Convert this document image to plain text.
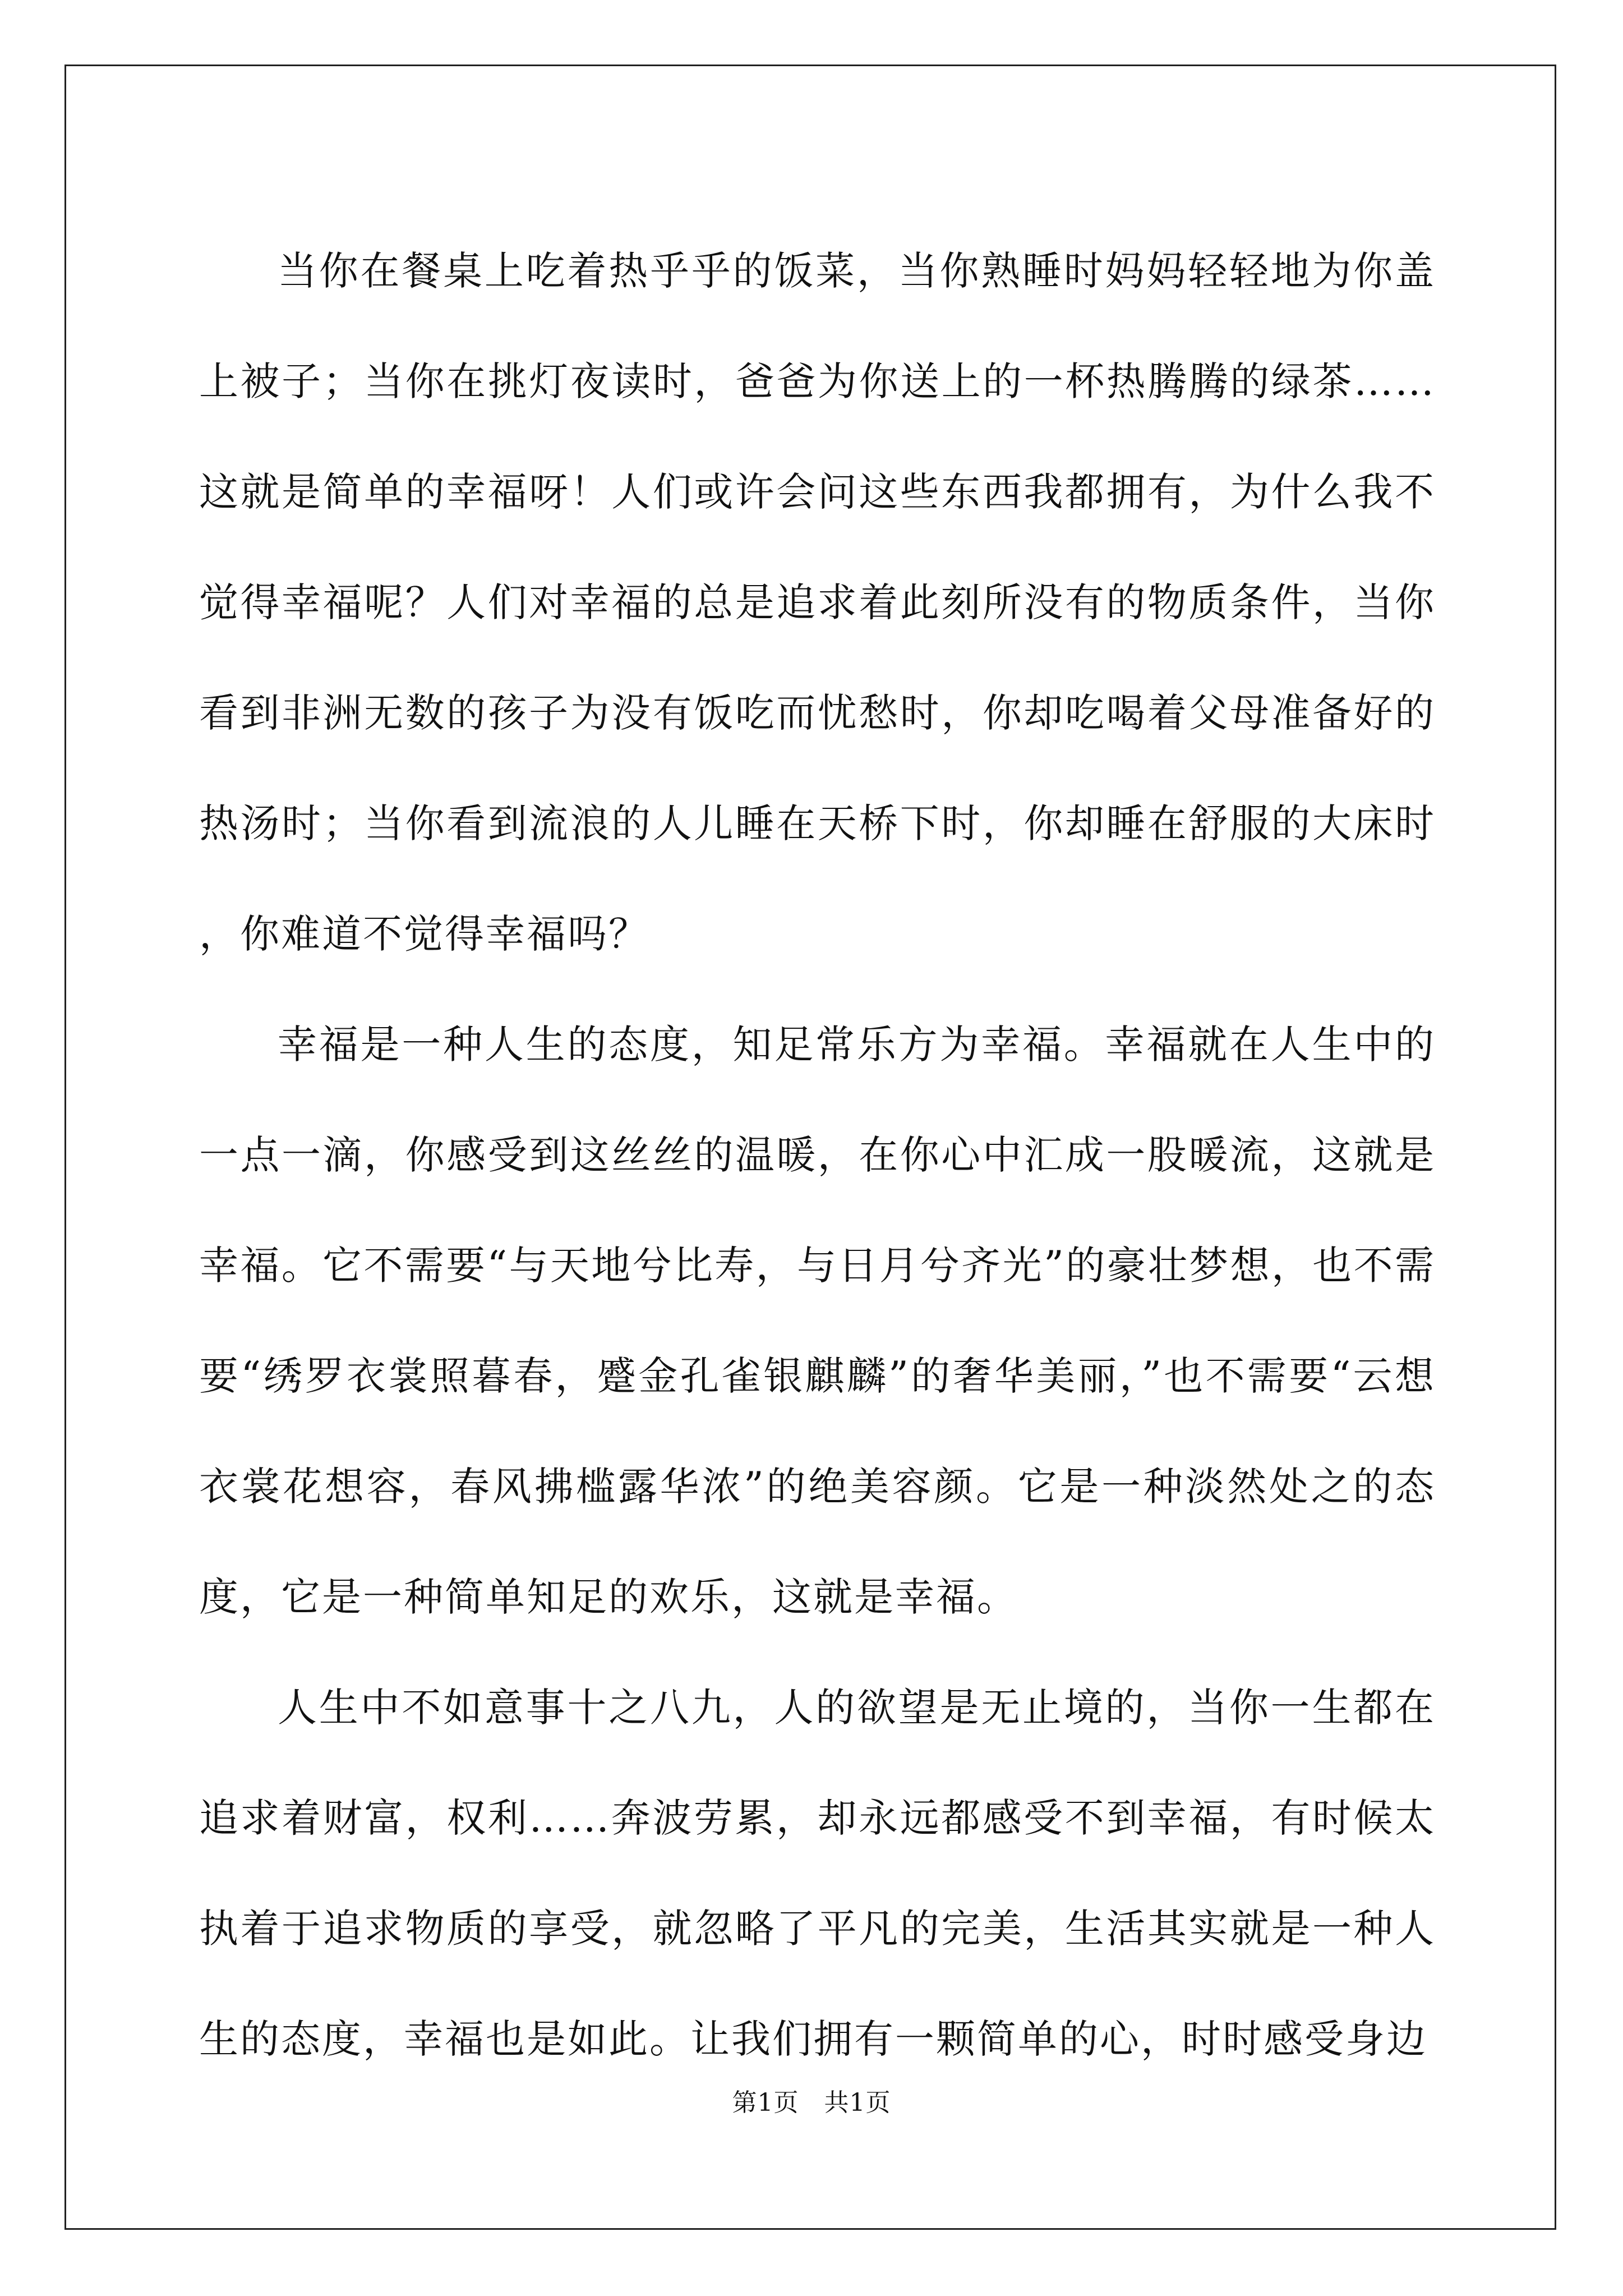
当你在餐桌上吃着热乎乎的饭菜，当你熟睡时妈妈轻轻地为你盖上被子；当你在挑灯夜读时，爸爸为你送上的一杯热腾腾的绿茶……这就是简单的幸福呀！人们或许会问这些东西我都拥有，为什么我不觉得幸福呢？人们对幸福的总是追求着此刻所没有的物质条件，当你看到非洲无数的孩子为没有饭吃而忧愁时，你却吃喝着父母准备好的热汤时；当你看到流浪的人儿睡在天桥下时，你却睡在舒服的大床时，你难道不觉得幸福吗？

幸福是一种人生的态度，知足常乐方为幸福。幸福就在人生中的一点一滴，你感受到这丝丝的温暖，在你心中汇成一股暖流，这就是幸福。它不需要“与天地兮比寿，与日月兮齐光”的豪壮梦想，也不需要“绣罗衣裳照暮春，蹙金孔雀银麒麟”的奢华美丽，”也不需要“云想衣裳花想容，春风拂槛露华浓”的绝美容颜。它是一种淡然处之的态度，它是一种简单知足的欢乐，这就是幸福。

人生中不如意事十之八九，人的欲望是无止境的，当你一生都在追求着财富，权利……奔波劳累，却永远都感受不到幸福，有时候太执着于追求物质的享受，就忽略了平凡的完美，生活其实就是一种人生的态度，幸福也是如此。让我们拥有一颗简单的心，时时感受身边

第1页　共1页
